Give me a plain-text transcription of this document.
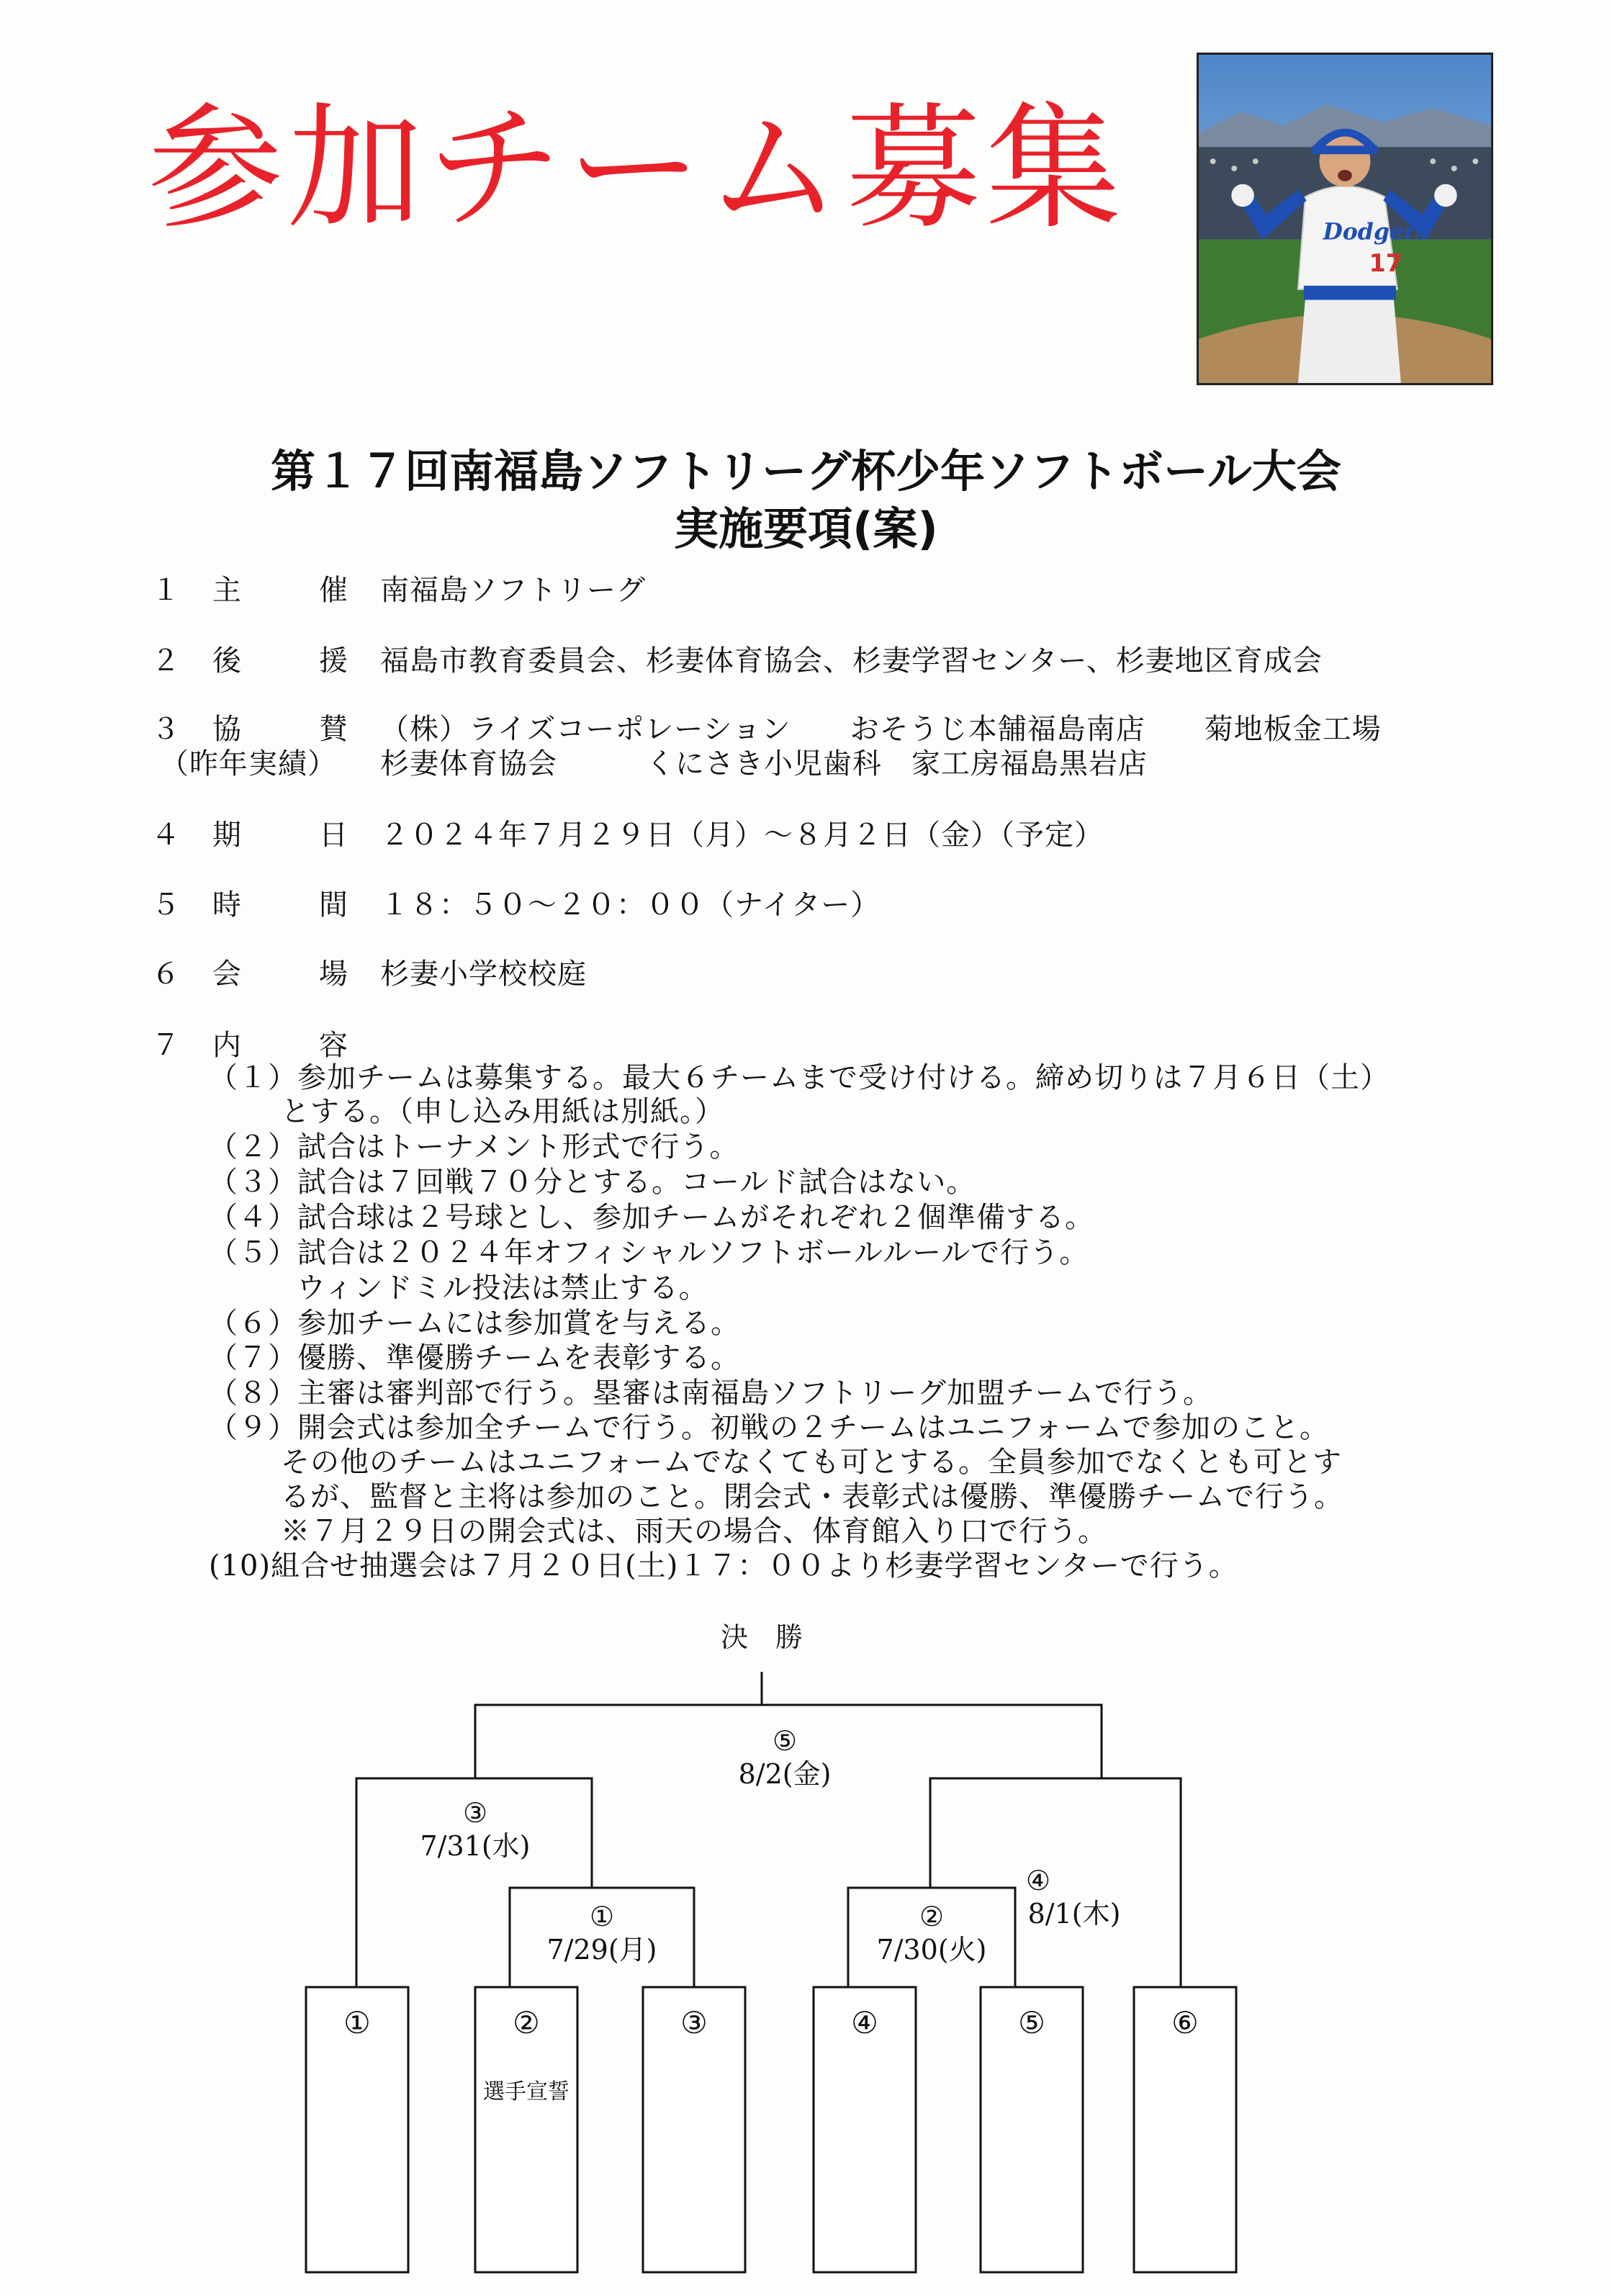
参加チーム募集	Dodgers
17
第１７回南福島ソフトリーグ杯少年ソフトボール大会
実施要項(案)
１ 主　催 南福島ソフトリーグ
２ 後　援 福島市教育委員会、杉妻体育協会、杉妻学習センター、杉妻地区育成会
３ 協　賛 （株）ライズコーポレーション　　おそうじ本舗福島南店　　菊地板金工場
（昨年実績） 杉妻体育協会　　　くにさき小児歯科　家工房福島黒岩店
４ 期　日 ２０２４年７月２９日（月）～８月２日（金）（予定）
５ 時　間 １８：５０～２０：００（ナイター）
６ 会　場 杉妻小学校校庭
７ 内　容
（１）参加チームは募集する。最大６チームまで受け付ける。締め切りは７月６日（土）
とする。（申し込み用紙は別紙。）
（２）試合はトーナメント形式で行う。
（３）試合は７回戦７０分とする。コールド試合はない。
（４）試合球は２号球とし、参加チームがそれぞれ２個準備する。
（５）試合は２０２４年オフィシャルソフトボールルールで行う。
ウィンドミル投法は禁止する。
（６）参加チームには参加賞を与える。
（７）優勝、準優勝チームを表彰する。
（８）主審は審判部で行う。塁審は南福島ソフトリーグ加盟チームで行う。
（９）開会式は参加全チームで行う。初戦の２チームはユニフォームで参加のこと。
その他のチームはユニフォームでなくても可とする。全員参加でなくとも可とす
るが、監督と主将は参加のこと。閉会式・表彰式は優勝、準優勝チームで行う。
※７月２９日の開会式は、雨天の場合、体育館入り口で行う。
(10)組合せ抽選会は７月２０日(土)１７：００より杉妻学習センターで行う。
決　勝
⑤
8/2(金)
③
7/31(水)
④
8/1(木)
①
7/29(月)
②
7/30(火)
①	②	③	④	⑤	⑥
選手宣誓
